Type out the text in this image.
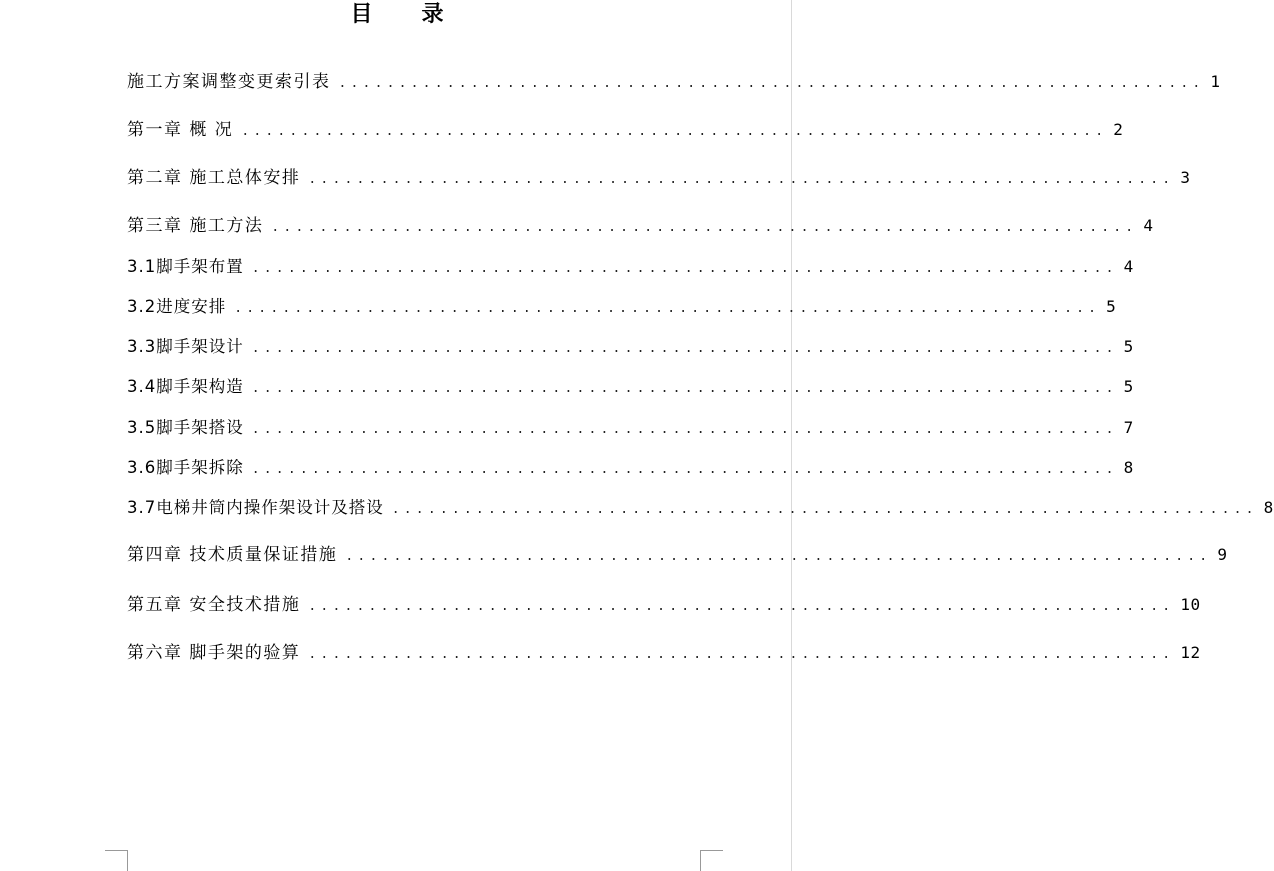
目 录
施工方案调整变更索引表 ........................................................................ 1
第一章 概 况 ........................................................................ 2
第二章 施工总体安排 ........................................................................ 3
第三章 施工方法 ........................................................................ 4
3.1脚手架布置 ........................................................................ 4
3.2进度安排 ........................................................................ 5
3.3脚手架设计 ........................................................................ 5
3.4脚手架构造 ........................................................................ 5
3.5脚手架搭设 ........................................................................ 7
3.6脚手架拆除 ........................................................................ 8
3.7电梯井筒内操作架设计及搭设 ........................................................................ 8
第四章 技术质量保证措施 ........................................................................ 9
第五章 安全技术措施 ........................................................................ 10
第六章 脚手架的验算 ........................................................................ 12
